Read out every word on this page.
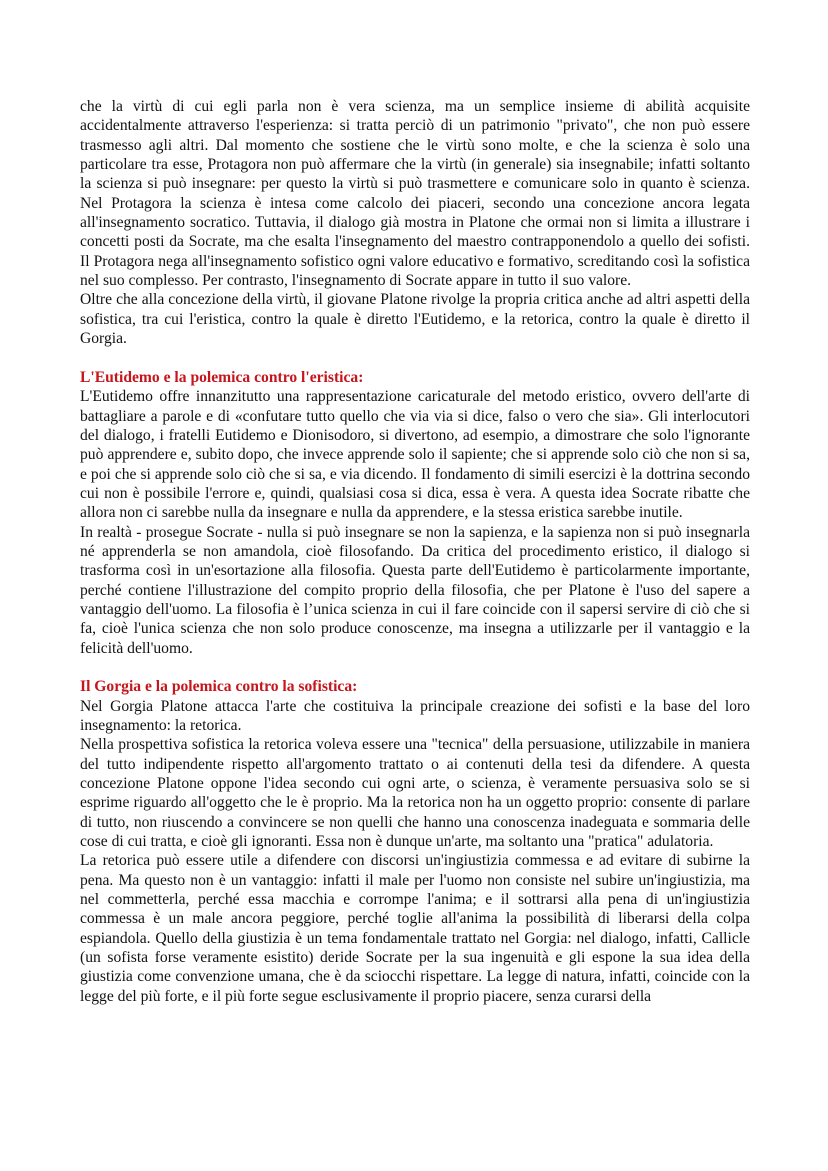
che la virtù di cui egli parla non è vera scienza, ma un semplice insieme di abilità acquisite accidentalmente attraverso l'esperienza: si tratta perciò di un patrimonio "privato", che non può essere trasmesso agli altri. Dal momento che sostiene che le virtù sono molte, e che la scienza è solo una particolare tra esse, Protagora non può affermare che la virtù (in generale) sia insegnabile; infatti soltanto la scienza si può insegnare: per questo la virtù si può trasmettere e comunicare solo in quanto è scienza. Nel Protagora la scienza è intesa come calcolo dei piaceri, secondo una concezione ancora legata all'insegnamento socratico. Tuttavia, il dialogo già mostra in Platone che ormai non si limita a illustrare i concetti posti da Socrate, ma che esalta l'insegnamento del maestro contrapponendolo a quello dei sofisti. Il Protagora nega all'insegnamento sofistico ogni valore educativo e formativo, screditando così la sofistica nel suo complesso. Per contrasto, l'insegnamento di Socrate appare in tutto il suo valore.

Oltre che alla concezione della virtù, il giovane Platone rivolge la propria critica anche ad altri aspetti della sofistica, tra cui l'eristica, contro la quale è diretto l'Eutidemo, e la retorica, contro la quale è diretto il Gorgia.

L'Eutidemo e la polemica contro l'eristica:

L'Eutidemo offre innanzitutto una rappresentazione caricaturale del metodo eristico, ovvero dell'arte di battagliare a parole e di «confutare tutto quello che via via si dice, falso o vero che sia». Gli interlocutori del dialogo, i fratelli Eutidemo e Dionisodoro, si divertono, ad esempio, a dimostrare che solo l'ignorante può apprendere e, subito dopo, che invece apprende solo il sapiente; che si apprende solo ciò che non si sa, e poi che si apprende solo ciò che si sa, e via dicendo. Il fondamento di simili esercizi è la dottrina secondo cui non è possibile l'errore e, quindi, qualsiasi cosa si dica, essa è vera. A questa idea Socrate ribatte che allora non ci sarebbe nulla da insegnare e nulla da apprendere, e la stessa eristica sarebbe inutile.

In realtà - prosegue Socrate - nulla si può insegnare se non la sapienza, e la sapienza non si può insegnarla né apprenderla se non amandola, cioè filosofando. Da critica del procedimento eristico, il dialogo si trasforma così in un'esortazione alla filosofia. Questa parte dell'Eutidemo è particolarmente importante, perché contiene l'illustrazione del compito proprio della filosofia, che per Platone è l'uso del sapere a vantaggio dell'uomo. La filosofia è l’unica scienza in cui il fare coincide con il sapersi servire di ciò che si fa, cioè l'unica scienza che non solo produce conoscenze, ma insegna a utilizzarle per il vantaggio e la felicità dell'uomo.

Il Gorgia e la polemica contro la sofistica:

Nel Gorgia Platone attacca l'arte che costituiva la principale creazione dei sofisti e la base del loro insegnamento: la retorica.

Nella prospettiva sofistica la retorica voleva essere una "tecnica" della persuasione, utilizzabile in maniera del tutto indipendente rispetto all'argomento trattato o ai contenuti della tesi da difendere. A questa concezione Platone oppone l'idea secondo cui ogni arte, o scienza, è veramente persuasiva solo se si esprime riguardo all'oggetto che le è proprio. Ma la retorica non ha un oggetto proprio: consente di parlare di tutto, non riuscendo a convincere se non quelli che hanno una conoscenza inadeguata e sommaria delle cose di cui tratta, e cioè gli ignoranti. Essa non è dunque un'arte, ma soltanto una "pratica" adulatoria.

La retorica può essere utile a difendere con discorsi un'ingiustizia commessa e ad evitare di subirne la pena. Ma questo non è un vantaggio: infatti il male per l'uomo non consiste nel subire un'ingiustizia, ma nel commetterla, perché essa macchia e corrompe l'anima; e il sottrarsi alla pena di un'ingiustizia commessa è un male ancora peggiore, perché toglie all'anima la possibilità di liberarsi della colpa espiandola. Quello della giustizia è un tema fondamentale trattato nel Gorgia: nel dialogo, infatti, Callicle (un sofista forse veramente esistito) deride Socrate per la sua ingenuità e gli espone la sua idea della giustizia come convenzione umana, che è da sciocchi rispettare. La legge di natura, infatti, coincide con la legge del più forte, e il più forte segue esclusivamente il proprio piacere, senza curarsi della
